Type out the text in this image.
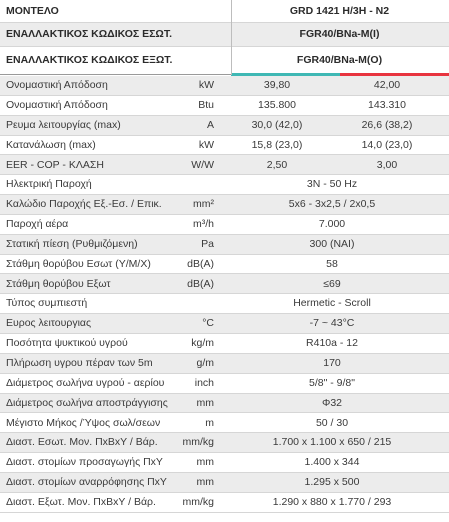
ΜΟΝΤΕΛΟ	GRD 1421 H/3H - N2
ΕΝΑΛΛΑΚΤΙΚΟΣ ΚΩΔΙΚΟΣ ΕΣΩΤ.	FGR40/BNa-M(I)
ΕΝΑΛΛΑΚΤΙΚΟΣ ΚΩΔΙΚΟΣ ΕΞΩΤ.	FGR40/BNa-M(O)
Ονομαστική Απόδοση	kW	39,80	42,00
Ονομαστική Απόδοση	Btu	135.800	143.310
Ρευμα λειτουργίας (max)	A	30,0 (42,0)	26,6 (38,2)
Κατανάλωση (max)	kW	15,8 (23,0)	14,0 (23,0)
EER - COP - ΚΛΑΣΗ	W/W	2,50	3,00
Ηλεκτρική Παροχή	3N - 50 Hz
Καλώδιο Παροχής Εξ.-Εσ. / Επικ.	mm²	5x6 - 3x2,5 / 2x0,5
Παροχή αέρα	m³/h	7.000
Στατική πίεση (Ρυθμιζόμενη)	Pa	300 (ΝΑΙ)
Στάθμη θορύβου Εσωτ (Υ/Μ/Χ)	dB(A)	58
Στάθμη θορύβου Εξωτ	dB(A)	≤69
Τύπος συμπιεστή	Hermetic - Scroll
Ευρος λειτουργιας	°C	-7 ~ 43°C
Ποσότητα ψυκτικού υγρού	kg/m	R410a - 12
Πλήρωση υγρου πέραν των 5m	g/m	170
Διάμετρος σωλήνα υγρού - αερίου	inch	5/8" - 9/8"
Διάμετρος σωλήνα αποστράγγισης	mm	Φ32
Μέγιστο Μήκος /Ύψος σωλ/σεων	m	50 / 30
Διαστ. Εσωτ. Μον. ΠxΒxΥ / Βάρ.	mm/kg	1.700 x 1.100 x 650 / 215
Διαστ. στομίων προσαγωγής ΠxΥ	mm	1.400 x 344
Διαστ. στομίων αναρρόφησης ΠxΥ	mm	1.295 x 500
Διαστ. Εξωτ. Μον. ΠxΒxΥ / Βάρ.	mm/kg	1.290 x 880 x 1.770 / 293
